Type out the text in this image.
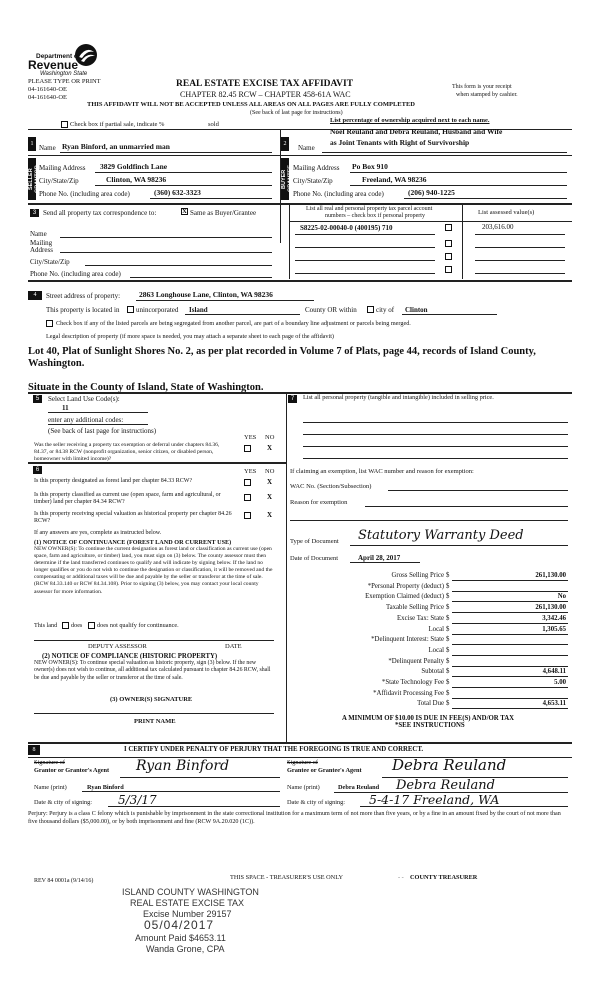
Department of
Revenue
Washington State
PLEASE TYPE OR PRINT
04-161640-OE
04-161640-OE
REAL ESTATE EXCISE TAX AFFIDAVIT
CHAPTER 82.45 RCW – CHAPTER 458-61A WAC
This form is your receipt
when stamped by cashier.
THIS AFFIDAVIT WILL NOT BE ACCEPTED UNLESS ALL AREAS ON ALL PAGES ARE FULLY COMPLETED
(See back of last page for instructions)
Check box if partial sale, indicate %	sold
List percentage of ownership acquired next to each name.
1 Name Ryan Binford, an unmarried man
SELLER GRANTOR
Mailing Address 3829 Goldfinch Lane
City/State/Zip	Clinton, WA 98236
Phone No. (including area code)	(360) 632-3323
Noel Reuland and Debra Reuland, Husband and Wife
2	Name
as Joint Tenants with Right of Survivorship
BUYER GRANTEE Mailing Address Po Box 910
City/State/Zip	Freeland, WA 98236
Phone No. (including area code)	(206) 940-1225
3 Send all property tax correspondence to:	X Same as Buyer/Grantee	List all real and personal property tax parcel account
numbers – check box if personal property	List assessed value(s)
S8225-02-00040-0 (400195) 710	203,616.00
Name
Mailing
Address
City/State/Zip
Phone No. (including area code)
4	Street address of property:	2863 Longhouse Lane, Clinton, WA 98236
This property is located in unincorporated Island	County OR within	city of Clinton
Check box if any of the listed parcels are being segregated from another parcel, are part of a boundary line adjustment or parcels being merged.
Legal description of property (if more space is needed, you may attach a separate sheet to each page of the affidavit)
Lot 40, Plat of Sunlight Shores No. 2, as per plat recorded in Volume 7 of Plats, page 44, records of Island County,
Washington.
Situate in the County of Island, State of Washington.
5	Select Land Use Code(s):
11
enter any additional codes:
(See back of last page for instructions)
YES NO
Was the seller receiving a property tax exemption or deferral under chapters 84.36, 84.37, or 84.38 RCW (nonprofit organization, senior citizen, or disabled person, homeowner with limited income)?
X
6	YES NO
Is this property designated as forest land per chapter 84.33 RCW?	X
Is this property classified as current use (open space, farm and agricultural, or timber) land per chapter 84.34 RCW?
X
Is this property receiving special valuation as historical property per chapter 84.26 RCW?
X
If any answers are yes, complete as instructed below.
(1) NOTICE OF CONTINUANCE (FOREST LAND OR CURRENT USE)
NEW OWNER(S): To continue the current designation as forest land or classification as current use (open space, farm and agriculture, or timber) land, you must sign on (3) below. The county assessor must then determine if the land transferred continues to qualify and will indicate by signing below. If the land no longer qualifies or you do not wish to continue the designation or classification, it will be removed and the compensating or additional taxes will be due and payable by the seller or transferor at the time of sale. (RCW 84.33.140 or RCW 84.34.108). Prior to signing (3) below, you may contact your local county assessor for more information.
This land does does not qualify for continuance.
DEPUTY ASSESSOR	DATE
(2) NOTICE OF COMPLIANCE (HISTORIC PROPERTY)
NEW OWNER(S): To continue special valuation as historic property, sign (3) below. If the new owner(s) does not wish to continue, all additional tax calculated pursuant to chapter 84.26 RCW, shall be due and payable by the seller or transferor at the time of sale.
(3) OWNER(S) SIGNATURE
PRINT NAME
7	List all personal property (tangible and intangible) included in selling price.
If claiming an exemption, list WAC number and reason for exemption:
WAC No. (Section/Subsection)
Reason for exemption
Type of Document Statutory Warranty Deed
Date of Document	April 28, 2017
Gross Selling Price $	261,130.00
*Personal Property (deduct) $
Exemption Claimed (deduct) $	No
Taxable Selling Price $	261,130.00
Excise Tax: State $	3,342.46
Local $	1,305.65
*Delinquent Interest: State $
Local $
*Delinquent Penalty $
Subtotal $	4,648.11
*State Technology Fee $	5.00
*Affidavit Processing Fee $
Total Due $	4,653.11
A MINIMUM OF $10.00 IS DUE IN FEE(S) AND/OR TAX
*SEE INSTRUCTIONS
8	I CERTIFY UNDER PENALTY OF PERJURY THAT THE FOREGOING IS TRUE AND CORRECT.
Signature of
Grantor or Grantor's Agent Ryan Binford
Name (print)	Ryan Binford
Date & city of signing: 5/3/17
Signature of
Grantee or Grantee's Agent Debra Reuland
Name (print)	Debra Reuland Debra Reuland
Date & city of signing: 5-4-17 Freeland, WA
Perjury: Perjury is a class C felony which is punishable by imprisonment in the state correctional institution for a maximum term of not more than five years, or by a fine in an amount fixed by the court of not more than five thousand dollars ($5,000.00), or by both imprisonment and fine (RCW 9A.20.020 (1C)).
REV 84 0001a (9/14/16)	THIS SPACE - TREASURER'S USE ONLY	- - COUNTY TREASURER
ISLAND COUNTY WASHINGTON
REAL ESTATE EXCISE TAX
Excise Number 29157
05/04/2017
Amount Paid $4653.11
Wanda Grone, CPA
